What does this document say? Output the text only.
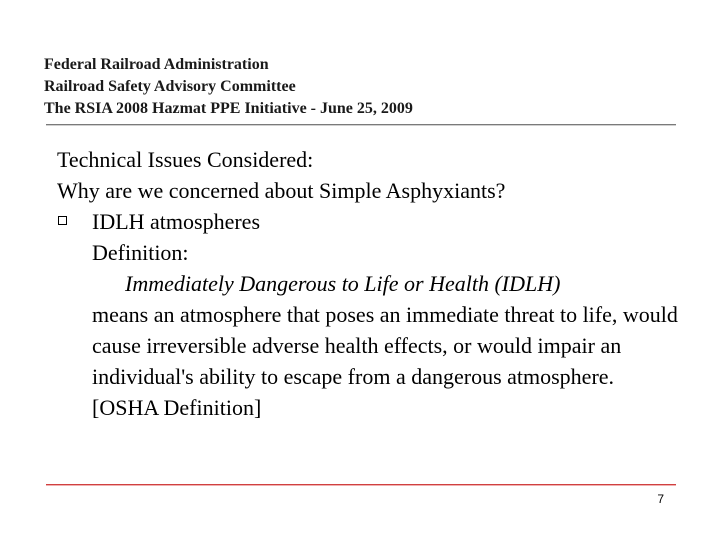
Federal Railroad Administration
Railroad Safety Advisory Committee
The RSIA 2008 Hazmat PPE Initiative - June 25, 2009
Technical Issues Considered:
Why are we concerned about Simple Asphyxiants?
IDLH atmospheres
Definition:
Immediately Dangerous to Life or Health (IDLH)
means an atmosphere that poses an immediate threat to life, would cause irreversible adverse health effects, or would impair an individual's ability to escape from a dangerous atmosphere. [OSHA Definition]
7
